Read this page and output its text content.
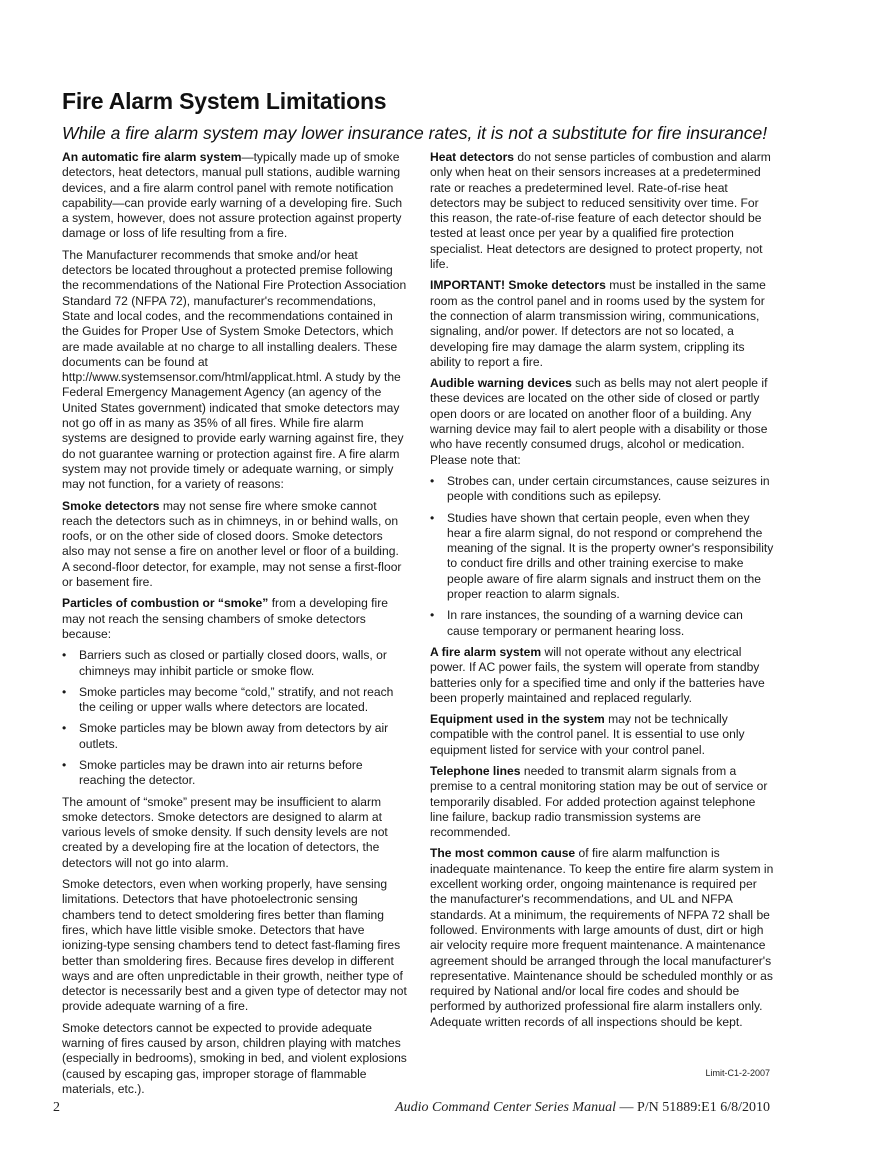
Fire Alarm System Limitations

While a fire alarm system may lower insurance rates, it is not a substitute for fire insurance!

An automatic fire alarm system—typically made up of smoke detectors, heat detectors, manual pull stations, audible warning devices, and a fire alarm control panel with remote notification capability—can provide early warning of a developing fire. Such a system, however, does not assure protection against property damage or loss of life resulting from a fire.

The Manufacturer recommends that smoke and/or heat detectors be located throughout a protected premise following the recommendations of the National Fire Protection Association Standard 72 (NFPA 72), manufacturer's recommendations, State and local codes, and the recommendations contained in the Guides for Proper Use of System Smoke Detectors, which are made available at no charge to all installing dealers. These documents can be found at http://www.systemsensor.com/html/applicat.html. A study by the Federal Emergency Management Agency (an agency of the United States government) indicated that smoke detectors may not go off in as many as 35% of all fires. While fire alarm systems are designed to provide early warning against fire, they do not guarantee warning or protection against fire. A fire alarm system may not provide timely or adequate warning, or simply may not function, for a variety of reasons:

Smoke detectors may not sense fire where smoke cannot reach the detectors such as in chimneys, in or behind walls, on roofs, or on the other side of closed doors. Smoke detectors also may not sense a fire on another level or floor of a building. A second-floor detector, for example, may not sense a first-floor or basement fire.

Particles of combustion or “smoke” from a developing fire may not reach the sensing chambers of smoke detectors because:

• Barriers such as closed or partially closed doors, walls, or chimneys may inhibit particle or smoke flow.
• Smoke particles may become “cold,” stratify, and not reach the ceiling or upper walls where detectors are located.
• Smoke particles may be blown away from detectors by air outlets.
• Smoke particles may be drawn into air returns before reaching the detector.

The amount of “smoke” present may be insufficient to alarm smoke detectors. Smoke detectors are designed to alarm at various levels of smoke density. If such density levels are not created by a developing fire at the location of detectors, the detectors will not go into alarm.

Smoke detectors, even when working properly, have sensing limitations. Detectors that have photoelectronic sensing chambers tend to detect smoldering fires better than flaming fires, which have little visible smoke. Detectors that have ionizing-type sensing chambers tend to detect fast-flaming fires better than smoldering fires. Because fires develop in different ways and are often unpredictable in their growth, neither type of detector is necessarily best and a given type of detector may not provide adequate warning of a fire.

Smoke detectors cannot be expected to provide adequate warning of fires caused by arson, children playing with matches (especially in bedrooms), smoking in bed, and violent explosions (caused by escaping gas, improper storage of flammable materials, etc.).

Heat detectors do not sense particles of combustion and alarm only when heat on their sensors increases at a predetermined rate or reaches a predetermined level. Rate-of-rise heat detectors may be subject to reduced sensitivity over time. For this reason, the rate-of-rise feature of each detector should be tested at least once per year by a qualified fire protection specialist. Heat detectors are designed to protect property, not life.

IMPORTANT! Smoke detectors must be installed in the same room as the control panel and in rooms used by the system for the connection of alarm transmission wiring, communications, signaling, and/or power. If detectors are not so located, a developing fire may damage the alarm system, crippling its ability to report a fire.

Audible warning devices such as bells may not alert people if these devices are located on the other side of closed or partly open doors or are located on another floor of a building. Any warning device may fail to alert people with a disability or those who have recently consumed drugs, alcohol or medication. Please note that:

• Strobes can, under certain circumstances, cause seizures in people with conditions such as epilepsy.
• Studies have shown that certain people, even when they hear a fire alarm signal, do not respond or comprehend the meaning of the signal. It is the property owner's responsibility to conduct fire drills and other training exercise to make people aware of fire alarm signals and instruct them on the proper reaction to alarm signals.
• In rare instances, the sounding of a warning device can cause temporary or permanent hearing loss.

A fire alarm system will not operate without any electrical power. If AC power fails, the system will operate from standby batteries only for a specified time and only if the batteries have been properly maintained and replaced regularly.

Equipment used in the system may not be technically compatible with the control panel. It is essential to use only equipment listed for service with your control panel.

Telephone lines needed to transmit alarm signals from a premise to a central monitoring station may be out of service or temporarily disabled. For added protection against telephone line failure, backup radio transmission systems are recommended.

The most common cause of fire alarm malfunction is inadequate maintenance. To keep the entire fire alarm system in excellent working order, ongoing maintenance is required per the manufacturer's recommendations, and UL and NFPA standards. At a minimum, the requirements of NFPA 72 shall be followed. Environments with large amounts of dust, dirt or high air velocity require more frequent maintenance. A maintenance agreement should be arranged through the local manufacturer's representative. Maintenance should be scheduled monthly or as required by National and/or local fire codes and should be performed by authorized professional fire alarm installers only. Adequate written records of all inspections should be kept.

Limit-C1-2-2007
2	Audio Command Center Series Manual — P/N 51889:E1 6/8/2010
